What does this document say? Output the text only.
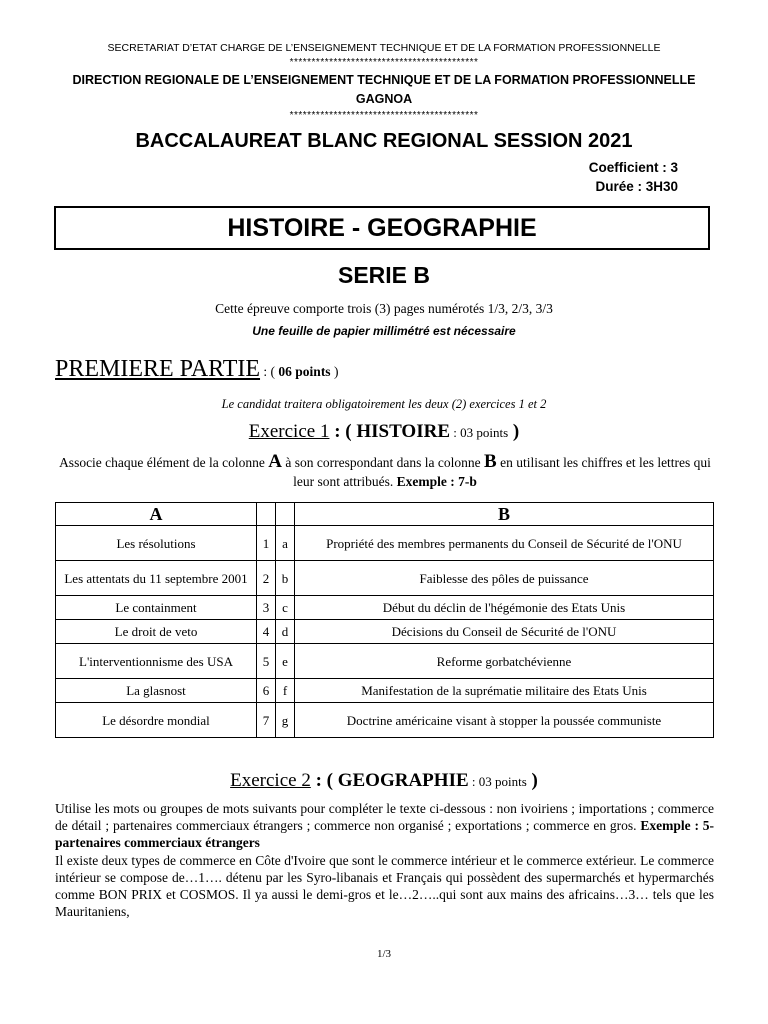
SECRETARIAT D’ETAT CHARGE DE L’ENSEIGNEMENT TECHNIQUE ET DE LA FORMATION PROFESSIONNELLE
*******************************************
DIRECTION REGIONALE DE L’ENSEIGNEMENT TECHNIQUE ET DE LA FORMATION PROFESSIONNELLE
GAGNOA
*******************************************
BACCALAUREAT BLANC REGIONAL SESSION 2021
Coefficient : 3
Durée : 3H30
HISTOIRE - GEOGRAPHIE
SERIE B
Cette épreuve comporte trois (3) pages numérotés 1/3, 2/3, 3/3
Une feuille de papier millimétré est nécessaire
PREMIERE PARTIE : ( 06 points )
Le candidat traitera obligatoirement les deux (2) exercices 1 et 2
Exercice 1 : ( HISTOIRE : 03 points )
Associe chaque élément de la colonne A à son correspondant dans la colonne B en utilisant les chiffres et les lettres qui leur sont attribués. Exemple : 7-b
A			B
Les résolutions	1	a	Propriété des membres permanents du Conseil de Sécurité de l'ONU
Les attentats du 11 septembre 2001	2	b	Faiblesse des pôles de puissance
Le containment	3	c	Début du déclin de l'hégémonie des Etats Unis
Le droit de veto	4	d	Décisions du Conseil de Sécurité de l'ONU
L'interventionnisme des USA	5	e	Reforme gorbatchévienne
La glasnost	6	f	Manifestation de la suprématie militaire des Etats Unis
Le désordre mondial	7	g	Doctrine américaine visant à stopper la poussée communiste
Exercice 2 : ( GEOGRAPHIE : 03 points )
Utilise les mots ou groupes de mots suivants pour compléter le texte ci-dessous : non ivoiriens ; importations ; commerce de détail ; partenaires commerciaux étrangers ; commerce non organisé ; exportations ; commerce en gros. Exemple : 5- partenaires commerciaux étrangers
Il existe deux types de commerce en Côte d'Ivoire que sont le commerce intérieur et le commerce extérieur. Le commerce intérieur se compose de…1…. détenu par les Syro-libanais et Français qui possèdent des supermarchés et hypermarchés comme BON PRIX et COSMOS. Il ya aussi le demi-gros et le…2…..qui sont aux mains des africains…3… tels que les Mauritaniens,
1/3
